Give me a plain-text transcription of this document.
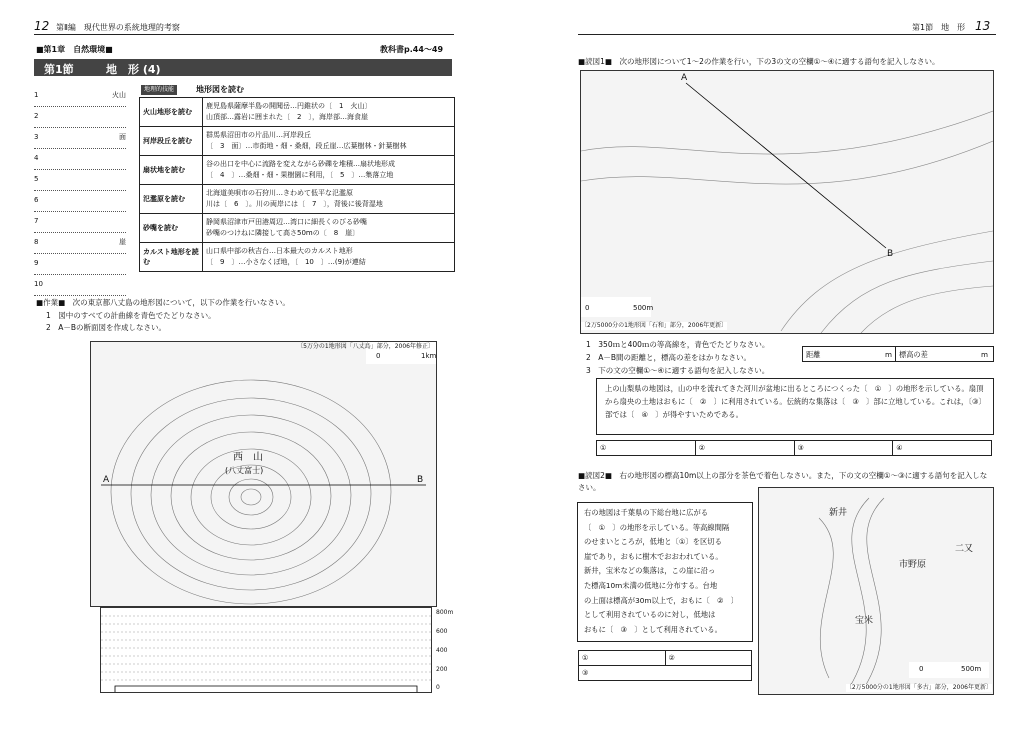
12 第Ⅱ編　現代世界の系統地理的考察
■第1章　自然環境■	教科書p.44～49
第1節	地　形 (4)
1	火山
2
3	面
4
5
6
7
8	崖
9
10
地理的技能	地形図を読む
火山地形を読む	鹿児島県薩摩半島の開聞岳…円錐状の〔　1　火山〕
山頂部…露岩に囲まれた〔　2　〕，海岸部…海食崖

河岸段丘を読む	群馬県沼田市の片品川…河岸段丘
〔　3　面〕…市街地・畑・桑畑，段丘崖…広葉樹林・針葉樹林

扇状地を読む	谷の出口を中心に流路を変えながら砂礫を堆積…扇状地形成
〔　4　〕…桑畑・畑・果樹園に利用，〔　5　〕…集落立地

氾濫原を読む	北海道美唄市の石狩川…きわめて低平な氾濫原
川は〔　6　〕。川の両岸には〔　7　〕，背後に後背湿地

砂嘴を読む	静岡県沼津市戸田港周辺…湾口に細長くのびる砂嘴
砂嘴のつけねに隣接して高さ50mの〔　8　崖〕

カルスト地形を読む	山口県中部の秋吉台…日本最大のカルスト地形
〔　9　〕…小さなくぼ地，〔　10　〕…(9)が連結
■作業■　次の東京都八丈島の地形図について，以下の作業を行いなさい。
1　図中のすべての計曲線を青色でたどりなさい。
2　A－Bの断面図を作成しなさい。
〔5万分の1地形図「八丈島」部分，2006年修正〕
0	1km
西　山
(八丈富士)
A	B
800m
600
400
200
0
第1節　地　形 13
■読図1■　次の地形図について1～2の作業を行い，下の3の文の空欄①～④に適する語句を記入しなさい。
A
B
0	500m
〔2万5000分の1地形図「石和」部分，2006年更新〕
1　350ｍと400ｍの等高線を，青色でたどりなさい。
2　A－B間の距離と，標高の差をはかりなさい。
3　下の文の空欄①～④に適する語句を記入しなさい。
距離	m 標高の差	m
上の山梨県の地図は，山の中を流れてきた河川が盆地に出るところにつくった〔　①　〕の地形を示している。扇頂から扇央の土地はおもに〔　②　〕に利用されている。伝統的な集落は〔　③　〕部に立地している。これは，〔③〕部では〔　④　〕が得やすいためである。
①	②	③	④
■読図2■　右の地形図の標高10m以上の部分を茶色で着色しなさい。また，下の文の空欄①～③に適する語句を記入しなさい。
右の地図は千葉県の下総台地に広がる
〔　①　〕の地形を示している。等高線間隔
のせまいところが，低地と〔①〕を区切る
崖であり，おもに樹木でおおわれている。
新井，宝米などの集落は，この崖に沿っ
た標高10m未満の低地に分布する。台地
の上面は標高が30m以上で，おもに〔　②　〕
として利用されているのに対し，低地は
おもに〔　③　〕として利用されている。
①	②
③
新井
市野原
宝米
二又
0	500m
〔2万5000分の1地形図「多古」部分，2006年更新〕
